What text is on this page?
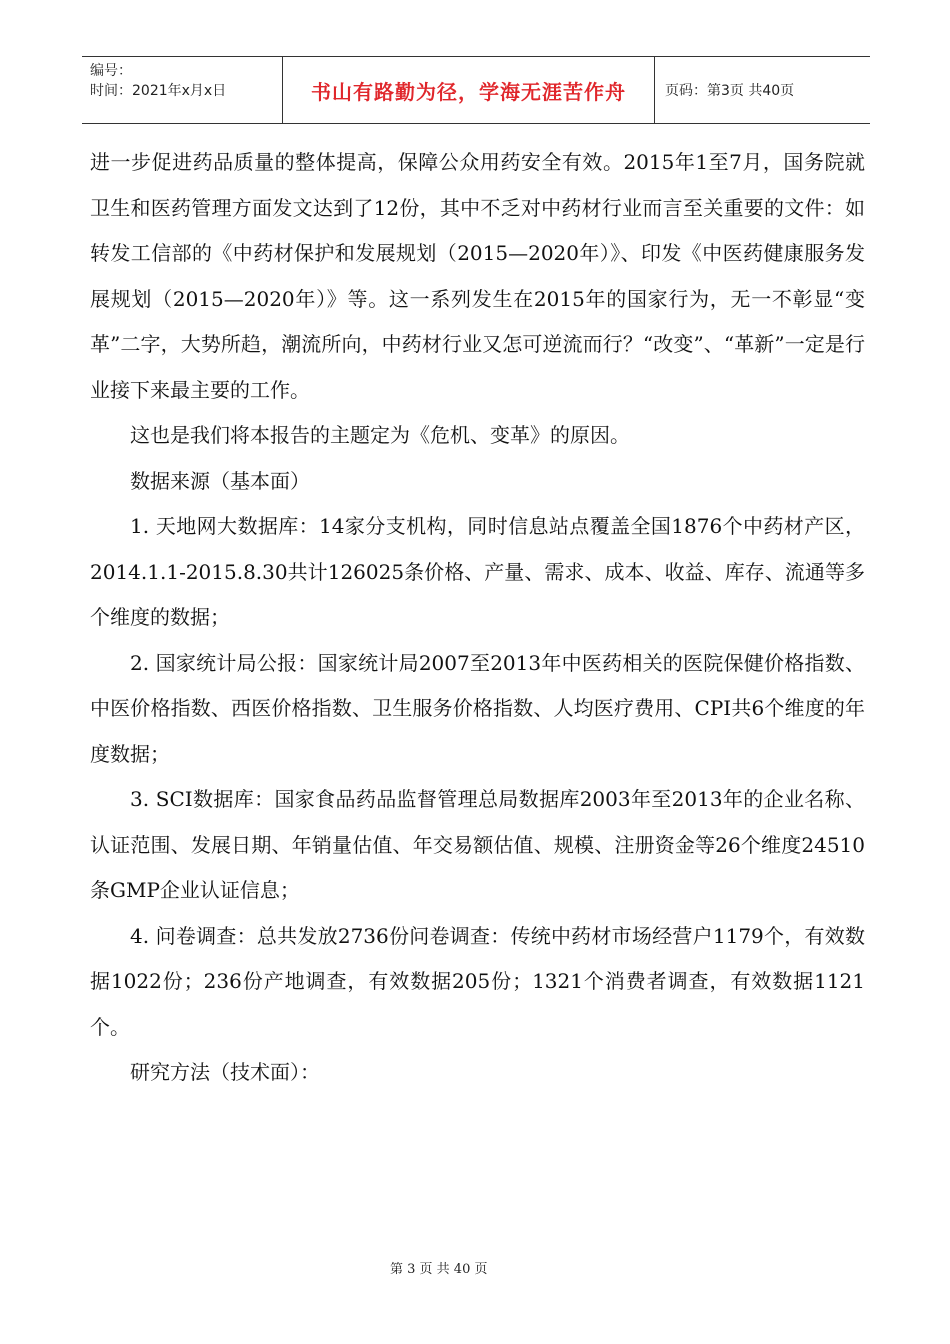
编号：
时间：2021年x月x日	书山有路勤为径，学海无涯苦作舟	页码：第3页 共40页

进一步促进药品质量的整体提高，保障公众用药安全有效。2015年1至7月，国务院就卫生和医药管理方面发文达到了12份，其中不乏对中药材行业而言至关重要的文件：如转发工信部的《中药材保护和发展规划（2015—2020年）》、印发《中医药健康服务发展规划（2015—2020年）》等。这一系列发生在2015年的国家行为，无一不彰显“变革”二字，大势所趋，潮流所向，中药材行业又怎可逆流而行？“改变”、“革新”一定是行业接下来最主要的工作。

这也是我们将本报告的主题定为《危机、变革》的原因。

数据来源（基本面）

1. 天地网大数据库：14家分支机构，同时信息站点覆盖全国1876个中药材产区，2014.1.1-2015.8.30共计126025条价格、产量、需求、成本、收益、库存、流通等多个维度的数据；

2. 国家统计局公报：国家统计局2007至2013年中医药相关的医院保健价格指数、中医价格指数、西医价格指数、卫生服务价格指数、人均医疗费用、CPI共6个维度的年度数据；

3. SCI数据库：国家食品药品监督管理总局数据库2003年至2013年的企业名称、认证范围、发展日期、年销量估值、年交易额估值、规模、注册资金等26个维度24510条GMP企业认证信息；

4. 问卷调查：总共发放2736份问卷调查：传统中药材市场经营户1179个，有效数据1022份；236份产地调查，有效数据205份；1321个消费者调查，有效数据1121个。

研究方法（技术面）：

第 3 页 共 40 页
